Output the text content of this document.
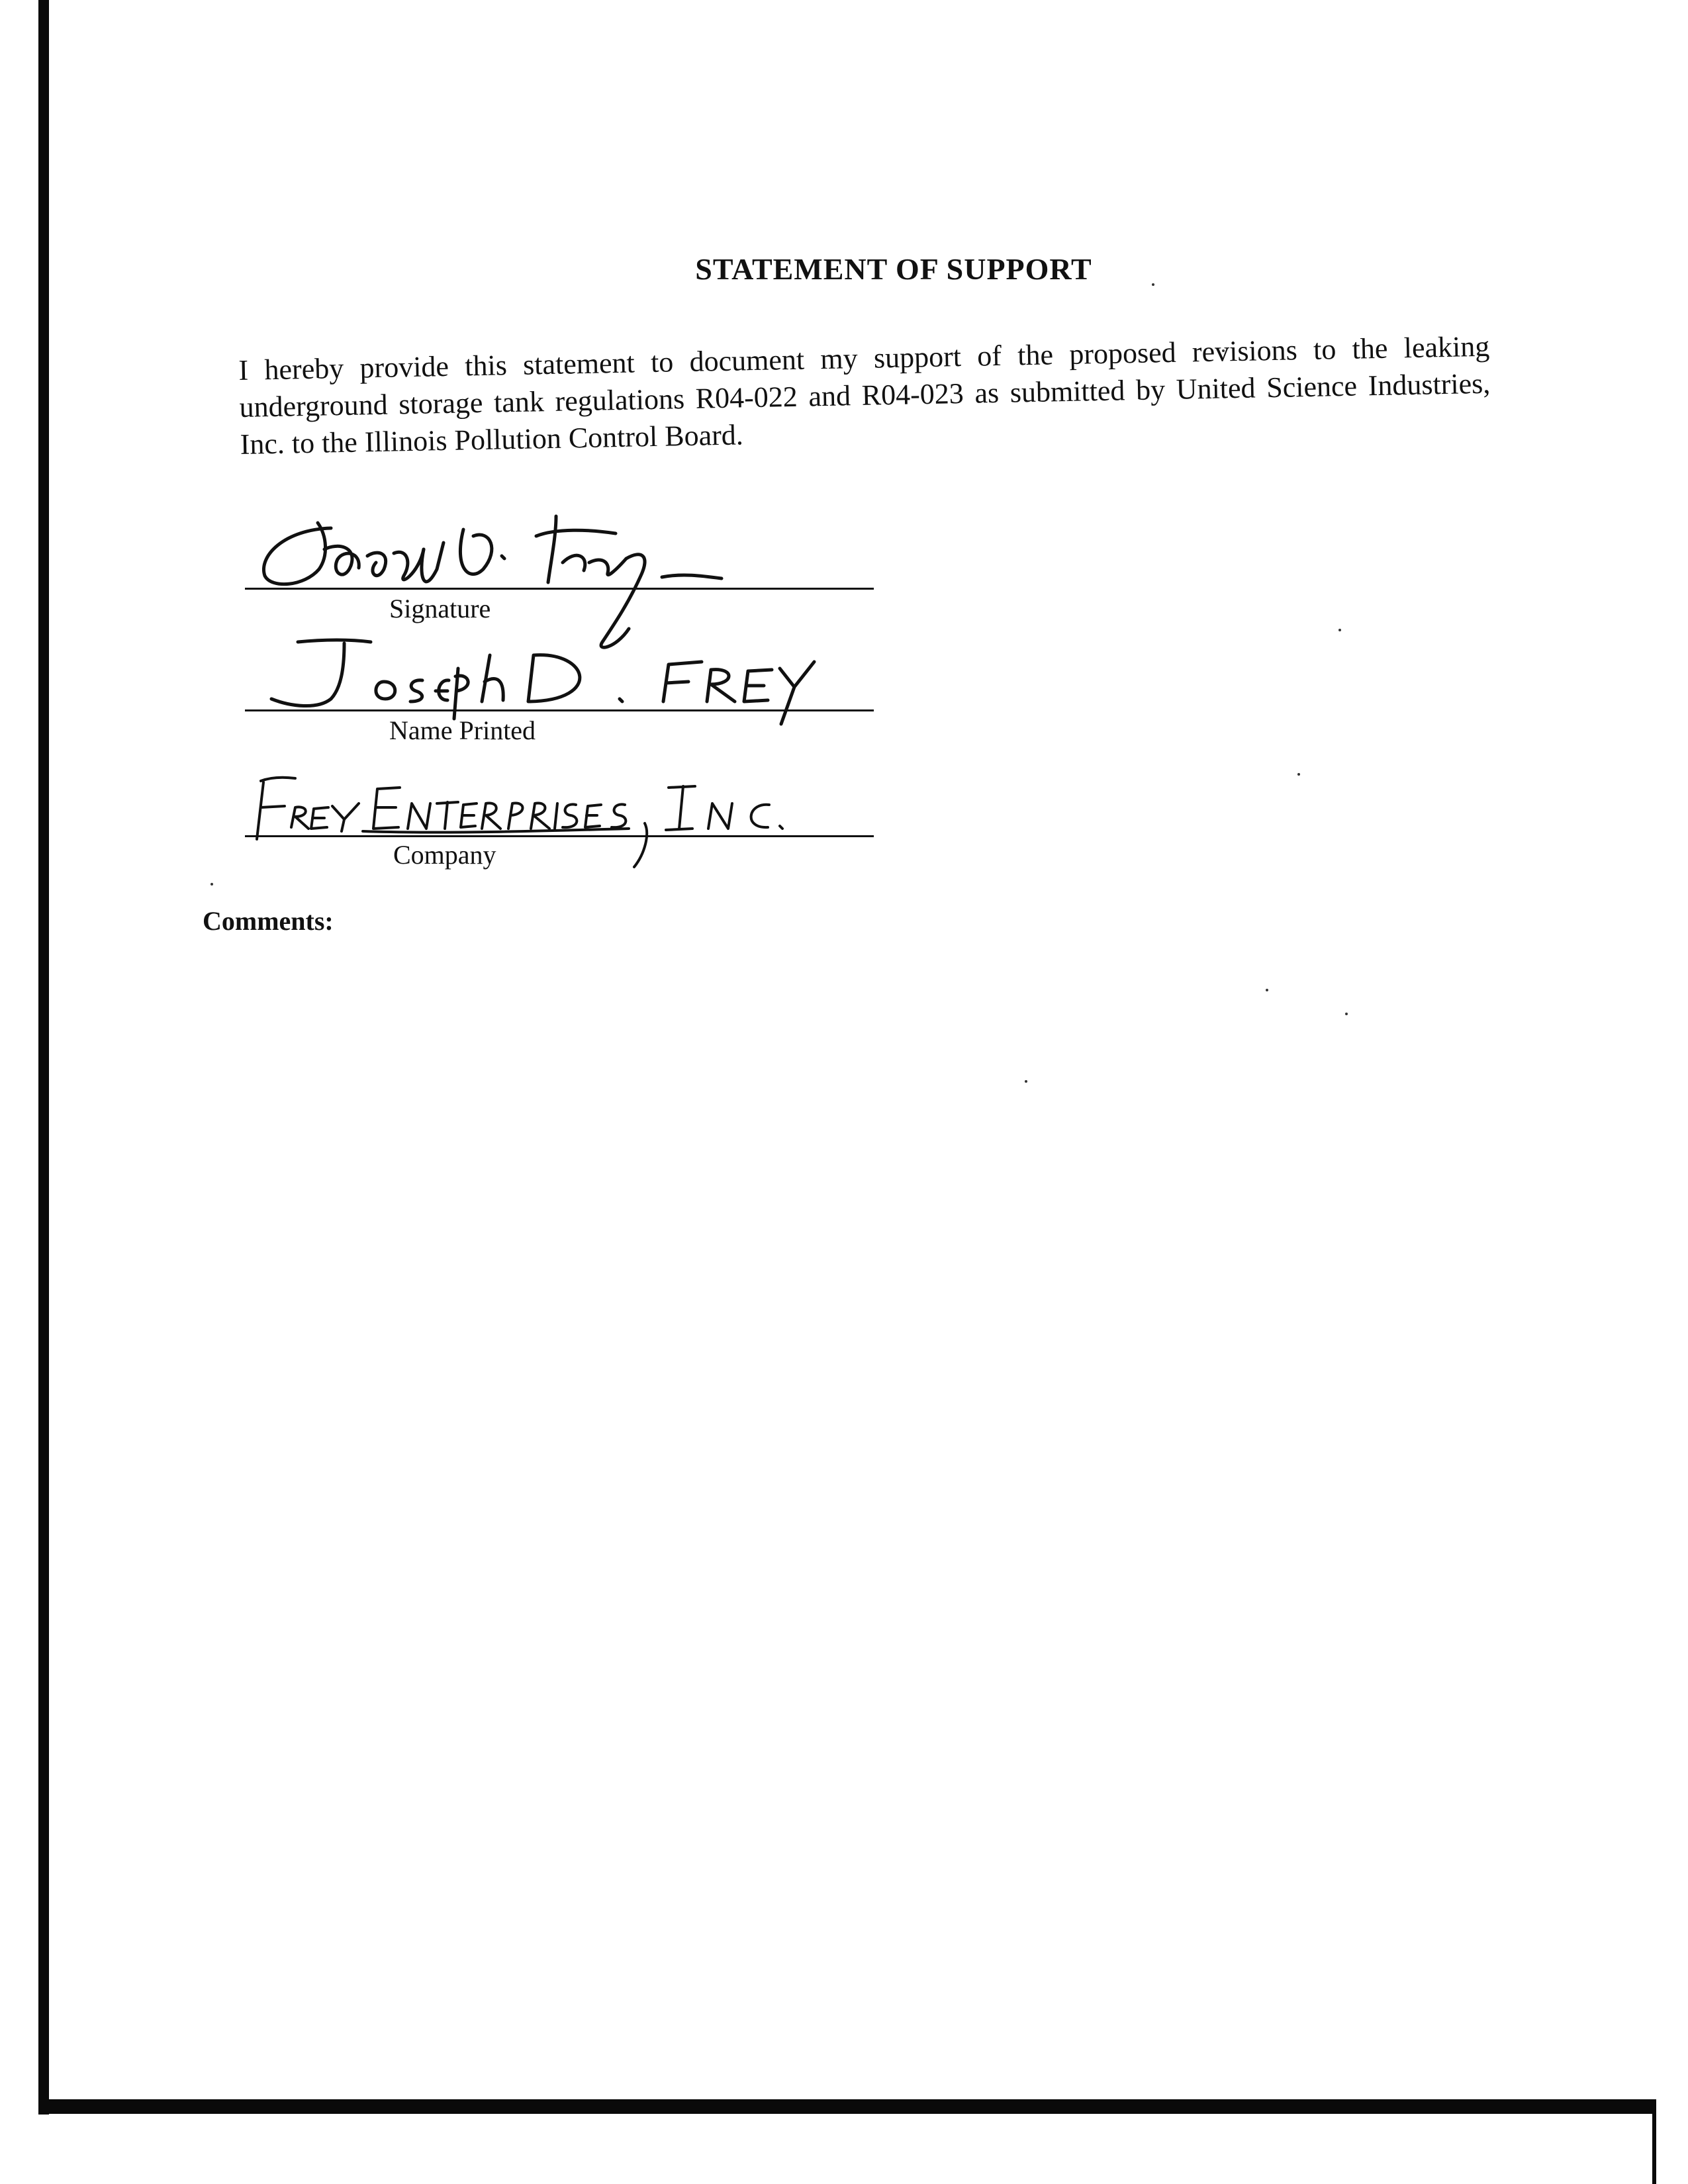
STATEMENT OF SUPPORT
I hereby provide this statement to document my support of the proposed revisions to the leaking underground storage tank regulations R04-022 and R04-023 as submitted by United Science Industries, Inc. to the Illinois Pollution Control Board.
Signature
Name Printed
Company
Comments:
